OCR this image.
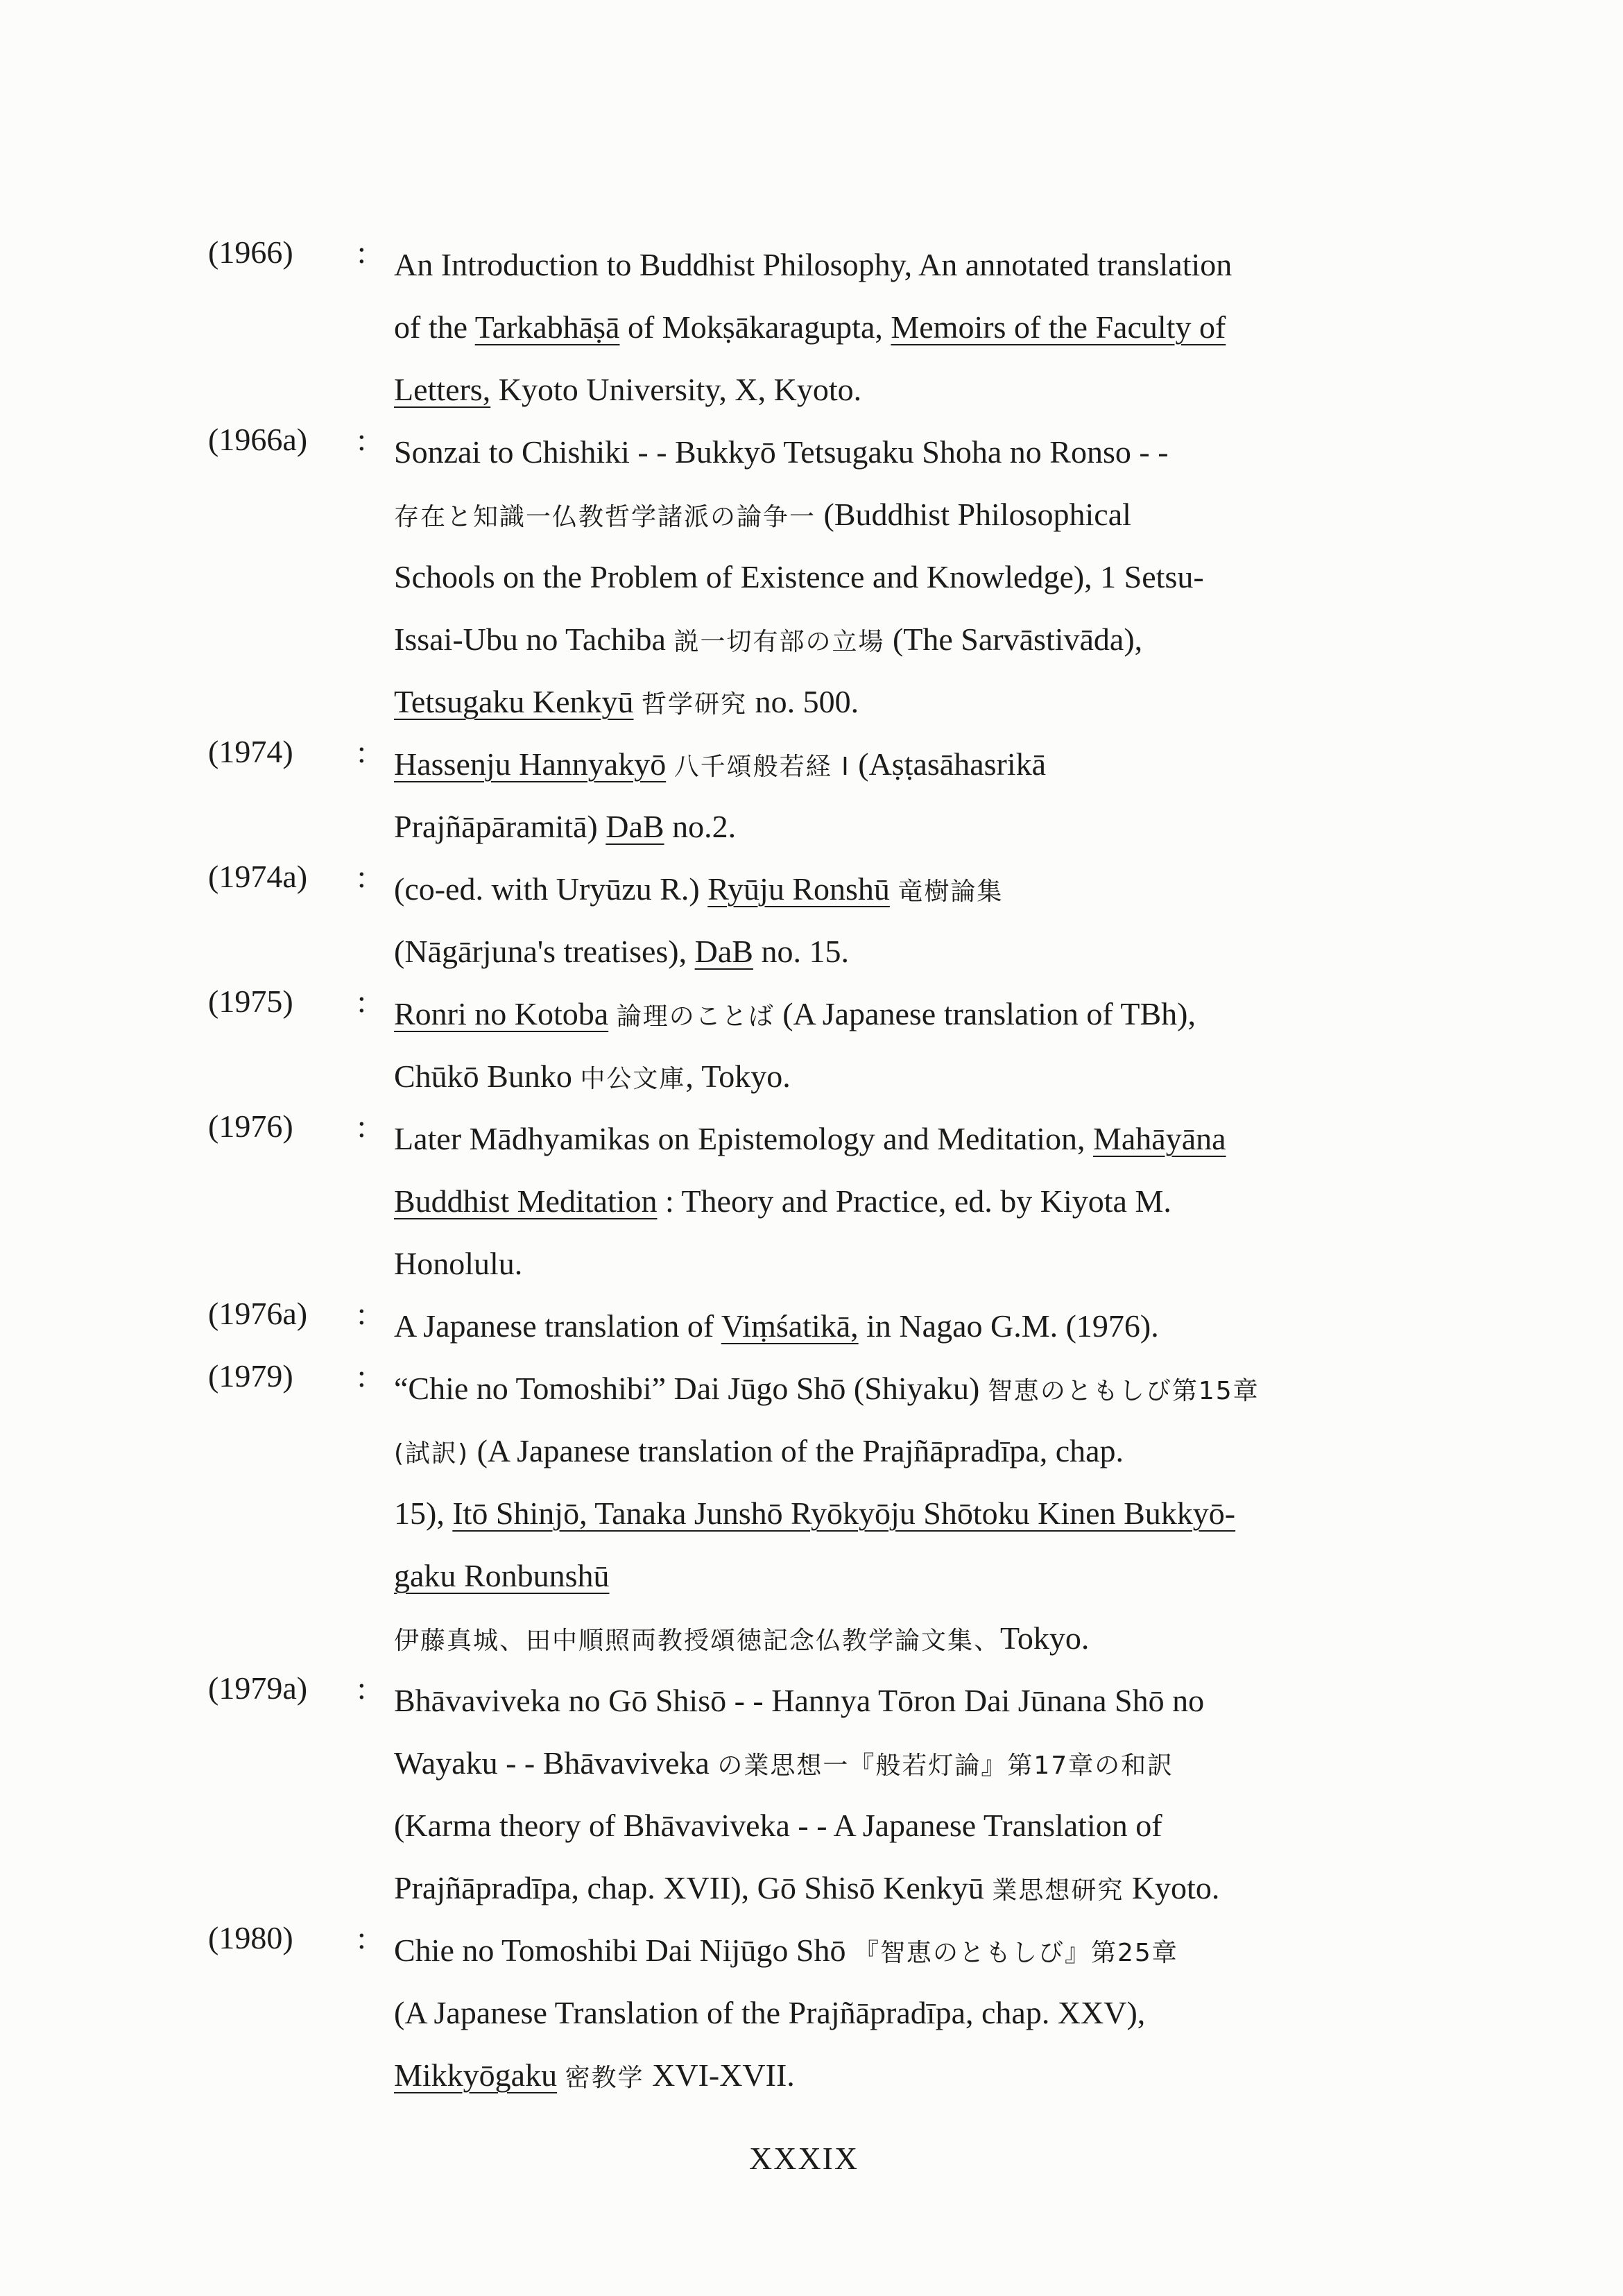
(1966) : An Introduction to Buddhist Philosophy, An annotated translation
of the Tarkabhāṣā of Mokṣākaragupta, Memoirs of the Faculty of
Letters, Kyoto University, X, Kyoto.
(1966a) : Sonzai to Chishiki - - Bukkyō Tetsugaku Shoha no Ronso - -
存在と知識一仏教哲学諸派の論争一 (Buddhist Philosophical
Schools on the Problem of Existence and Knowledge), 1 Setsu-
Issai-Ubu no Tachiba 説一切有部の立場 (The Sarvāstivāda),
Tetsugaku Kenkyū 哲学研究 no. 500.
(1974) : Hassenju Hannyakyō 八千頌般若経 I (Aṣṭasāhasrikā
Prajñāpāramitā) DaB no.2.
(1974a) : (co-ed. with Uryūzu R.) Ryūju Ronshū 竜樹論集
(Nāgārjuna's treatises), DaB no. 15.
(1975) : Ronri no Kotoba 論理のことば (A Japanese translation of TBh),
Chūkō Bunko 中公文庫, Tokyo.
(1976) : Later Mādhyamikas on Epistemology and Meditation, Mahāyāna
Buddhist Meditation : Theory and Practice, ed. by Kiyota M.
Honolulu.
(1976a) : A Japanese translation of Viṃśatikā, in Nagao G.M. (1976).
(1979) : “Chie no Tomoshibi” Dai Jūgo Shō (Shiyaku) 智恵のともしび第15章
(試訳) (A Japanese translation of the Prajñāpradīpa, chap.
15), Itō Shinjō, Tanaka Junshō Ryōkyōju Shōtoku Kinen Bukkyō-
gaku Ronbunshū
伊藤真城、田中順照両教授頌徳記念仏教学論文集、Tokyo.
(1979a) : Bhāvaviveka no Gō Shisō - - Hannya Tōron Dai Jūnana Shō no
Wayaku - - Bhāvaviveka の業思想一『般若灯論』第17章の和訳
(Karma theory of Bhāvaviveka - - A Japanese Translation of
Prajñāpradīpa, chap. XVII), Gō Shisō Kenkyū 業思想研究 Kyoto.
(1980) : Chie no Tomoshibi Dai Nijūgo Shō 『智恵のともしび』第25章
(A Japanese Translation of the Prajñāpradīpa, chap. XXV),
Mikkyōgaku 密教学 XVI-XVII.
XXXIX
